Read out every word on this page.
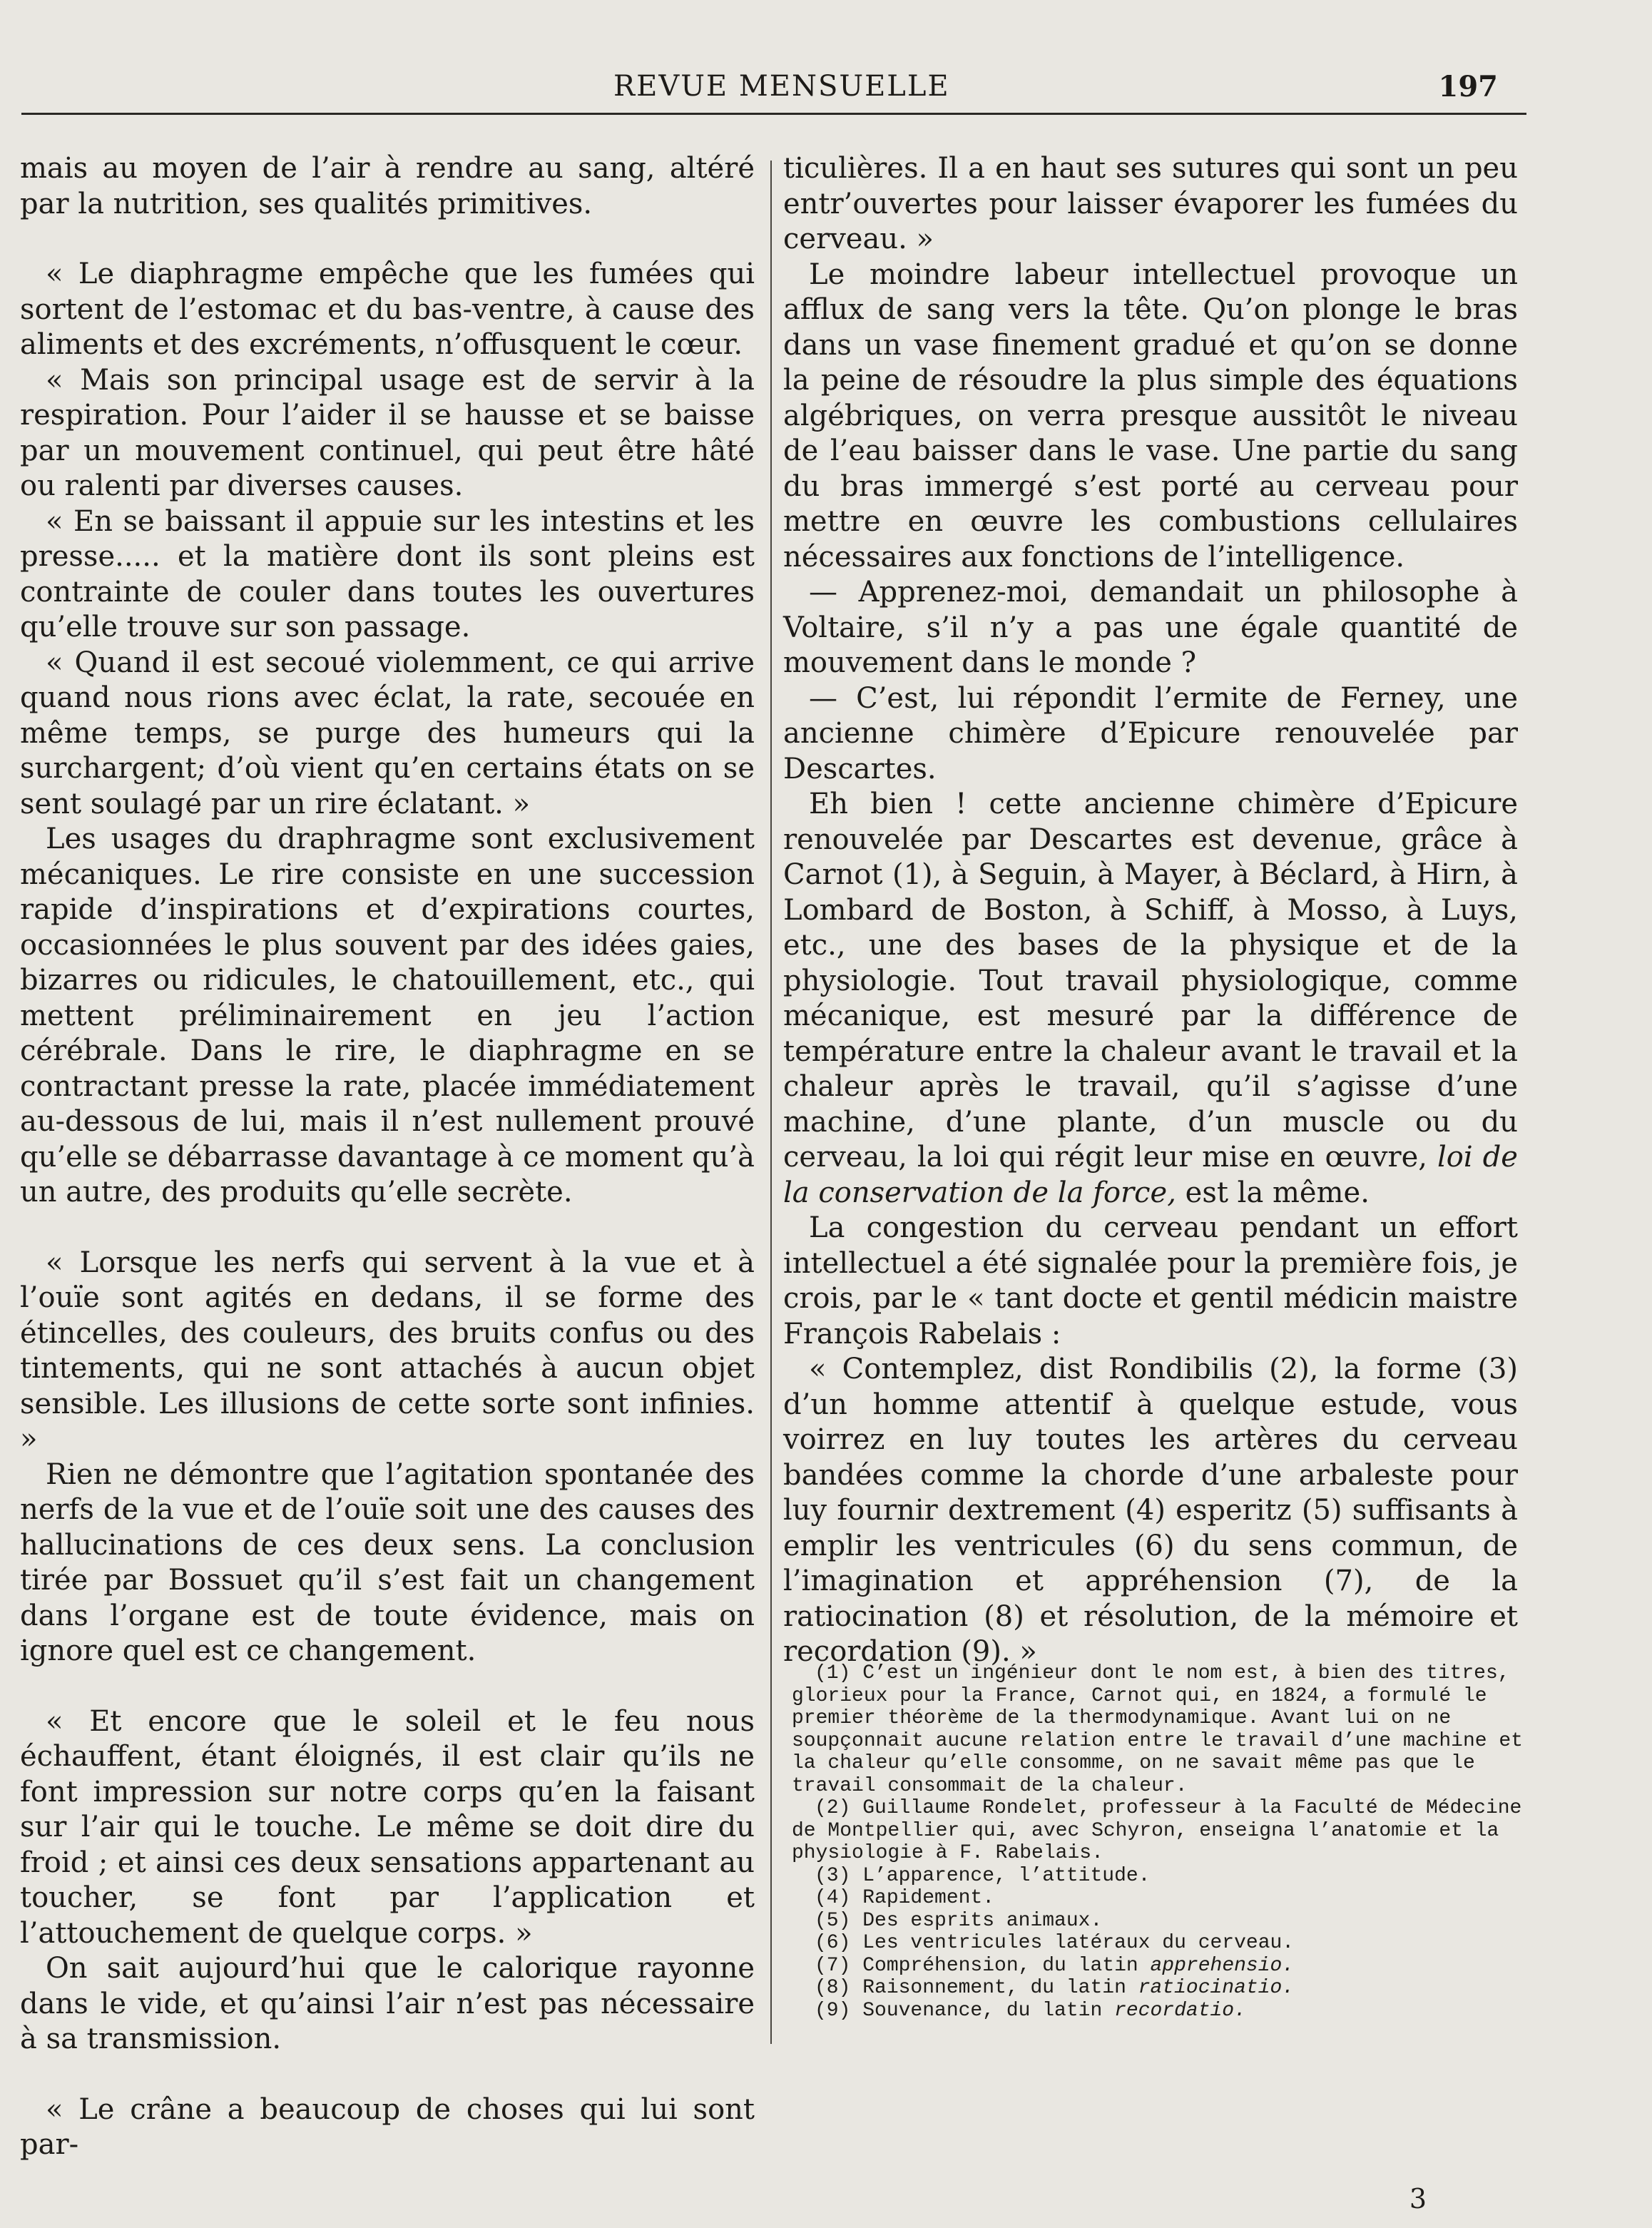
REVUE MENSUELLE	197

mais au moyen de l’air à rendre au sang, altéré par la nutrition, ses qualités primitives.

« Le diaphragme empêche que les fumées qui sortent de l’estomac et du bas-ventre, à cause des aliments et des excréments, n’offusquent le cœur.

« Mais son principal usage est de servir à la respiration. Pour l’aider il se hausse et se baisse par un mouvement continuel, qui peut être hâté ou ralenti par diverses causes.

« En se baissant il appuie sur les intestins et les presse..... et la matière dont ils sont pleins est contrainte de couler dans toutes les ouvertures qu’elle trouve sur son passage.

« Quand il est secoué violemment, ce qui arrive quand nous rions avec éclat, la rate, secouée en même temps, se purge des humeurs qui la surchargent; d’où vient qu’en certains états on se sent soulagé par un rire éclatant. »

Les usages du draphragme sont exclusivement mécaniques. Le rire consiste en une succession rapide d’inspirations et d’expirations courtes, occasionnées le plus souvent par des idées gaies, bizarres ou ridicules, le chatouillement, etc., qui mettent préliminairement en jeu l’action cérébrale. Dans le rire, le diaphragme en se contractant presse la rate, placée immédiatement au-dessous de lui, mais il n’est nullement prouvé qu’elle se débarrasse davantage à ce moment qu’à un autre, des produits qu’elle secrète.

« Lorsque les nerfs qui servent à la vue et à l’ouïe sont agités en dedans, il se forme des étincelles, des couleurs, des bruits confus ou des tintements, qui ne sont attachés à aucun objet sensible. Les illusions de cette sorte sont infinies. »

Rien ne démontre que l’agitation spontanée des nerfs de la vue et de l’ouïe soit une des causes des hallucinations de ces deux sens. La conclusion tirée par Bossuet qu’il s’est fait un changement dans l’organe est de toute évidence, mais on ignore quel est ce changement.

« Et encore que le soleil et le feu nous échauffent, étant éloignés, il est clair qu’ils ne font impression sur notre corps qu’en la faisant sur l’air qui le touche. Le même se doit dire du froid ; et ainsi ces deux sensations appartenant au toucher, se font par l’application et l’attouchement de quelque corps. »

On sait aujourd’hui que le calorique rayonne dans le vide, et qu’ainsi l’air n’est pas nécessaire à sa transmission.

« Le crâne a beaucoup de choses qui lui sont par-

ticulières. Il a en haut ses sutures qui sont un peu entr’ouvertes pour laisser évaporer les fumées du cerveau. »

Le moindre labeur intellectuel provoque un afflux de sang vers la tête. Qu’on plonge le bras dans un vase finement gradué et qu’on se donne la peine de résoudre la plus simple des équations algébriques, on verra presque aussitôt le niveau de l’eau baisser dans le vase. Une partie du sang du bras immergé s’est porté au cerveau pour mettre en œuvre les combustions cellulaires nécessaires aux fonctions de l’intelligence.

— Apprenez-moi, demandait un philosophe à Voltaire, s’il n’y a pas une égale quantité de mouvement dans le monde ?

— C’est, lui répondit l’ermite de Ferney, une ancienne chimère d’Epicure renouvelée par Descartes.

Eh bien ! cette ancienne chimère d’Epicure renouvelée par Descartes est devenue, grâce à Carnot (1), à Seguin, à Mayer, à Béclard, à Hirn, à Lombard de Boston, à Schiff, à Mosso, à Luys, etc., une des bases de la physique et de la physiologie. Tout travail physiologique, comme mécanique, est mesuré par la différence de température entre la chaleur avant le travail et la chaleur après le travail, qu’il s’agisse d’une machine, d’une plante, d’un muscle ou du cerveau, la loi qui régit leur mise en œuvre, loi de la conservation de la force, est la même.

La congestion du cerveau pendant un effort intellectuel a été signalée pour la première fois, je crois, par le « tant docte et gentil médicin maistre François Rabelais :

« Contemplez, dist Rondibilis (2), la forme (3) d’un homme attentif à quelque estude, vous voirrez en luy toutes les artères du cerveau bandées comme la chorde d’une arbaleste pour luy fournir dextrement (4) esperitz (5) suffisants à emplir les ventricules (6) du sens commun, de l’imagination et appréhension (7), de la ratiocination (8) et résolution, de la mémoire et recordation (9). »

(1) C’est un ingénieur dont le nom est, à bien des titres, glorieux pour la France, Carnot qui, en 1824, a formulé le premier théorème de la thermodynamique. Avant lui on ne soupçonnait aucune relation entre le travail d’une machine et la chaleur qu’elle consomme, on ne savait même pas que le travail consommait de la chaleur.

(2) Guillaume Rondelet, professeur à la Faculté de Médecine de Montpellier qui, avec Schyron, enseigna l’anatomie et la physiologie à F. Rabelais.

(3) L’apparence, l’attitude.

(4) Rapidement.

(5) Des esprits animaux.

(6) Les ventricules latéraux du cerveau.

(7) Compréhension, du latin apprehensio.

(8) Raisonnement, du latin ratiocinatio.

(9) Souvenance, du latin recordatio.

3
